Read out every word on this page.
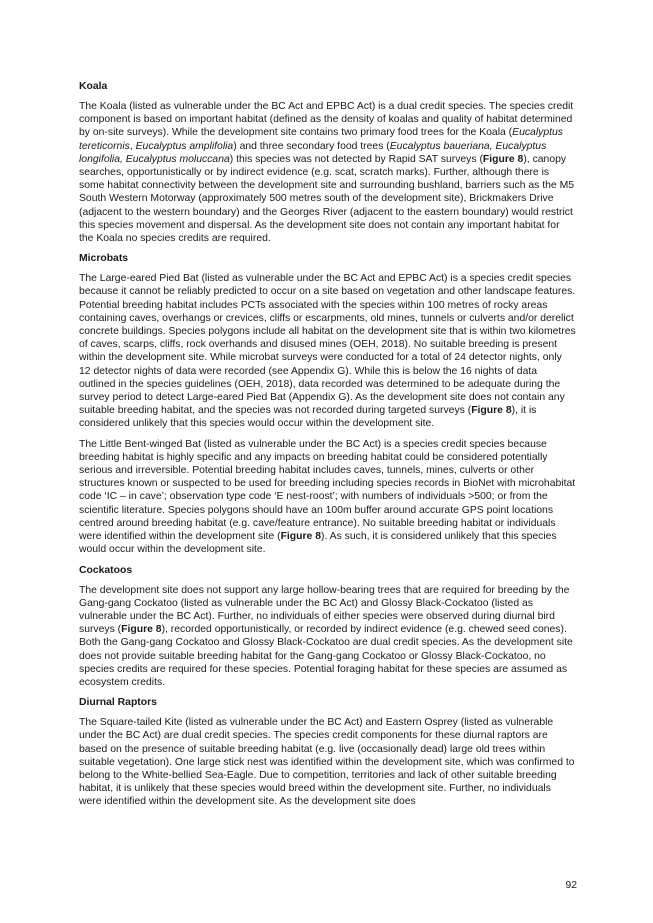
Koala

The Koala (listed as vulnerable under the BC Act and EPBC Act) is a dual credit species. The species credit component is based on important habitat (defined as the density of koalas and quality of habitat determined by on-site surveys). While the development site contains two primary food trees for the Koala (Eucalyptus tereticornis, Eucalyptus amplifolia) and three secondary food trees (Eucalyptus baueriana, Eucalyptus longifolia, Eucalyptus moluccana) this species was not detected by Rapid SAT surveys (Figure 8), canopy searches, opportunistically or by indirect evidence (e.g. scat, scratch marks). Further, although there is some habitat connectivity between the development site and surrounding bushland, barriers such as the M5 South Western Motorway (approximately 500 metres south of the development site), Brickmakers Drive (adjacent to the western boundary) and the Georges River (adjacent to the eastern boundary) would restrict this species movement and dispersal. As the development site does not contain any important habitat for the Koala no species credits are required.

Microbats

The Large-eared Pied Bat (listed as vulnerable under the BC Act and EPBC Act) is a species credit species because it cannot be reliably predicted to occur on a site based on vegetation and other landscape features. Potential breeding habitat includes PCTs associated with the species within 100 metres of rocky areas containing caves, overhangs or crevices, cliffs or escarpments, old mines, tunnels or culverts and/or derelict concrete buildings. Species polygons include all habitat on the development site that is within two kilometres of caves, scarps, cliffs, rock overhands and disused mines (OEH, 2018). No suitable breeding is present within the development site. While microbat surveys were conducted for a total of 24 detector nights, only 12 detector nights of data were recorded (see Appendix G). While this is below the 16 nights of data outlined in the species guidelines (OEH, 2018), data recorded was determined to be adequate during the survey period to detect Large-eared Pied Bat (Appendix G). As the development site does not contain any suitable breeding habitat, and the species was not recorded during targeted surveys (Figure 8), it is considered unlikely that this species would occur within the development site.

The Little Bent-winged Bat (listed as vulnerable under the BC Act) is a species credit species because breeding habitat is highly specific and any impacts on breeding habitat could be considered potentially serious and irreversible. Potential breeding habitat includes caves, tunnels, mines, culverts or other structures known or suspected to be used for breeding including species records in BioNet with microhabitat code ‘IC – in cave’; observation type code ‘E nest-roost’; with numbers of individuals >500; or from the scientific literature. Species polygons should have an 100m buffer around accurate GPS point locations centred around breeding habitat (e.g. cave/feature entrance). No suitable breeding habitat or individuals were identified within the development site (Figure 8). As such, it is considered unlikely that this species would occur within the development site.

Cockatoos

The development site does not support any large hollow-bearing trees that are required for breeding by the Gang-gang Cockatoo (listed as vulnerable under the BC Act) and Glossy Black-Cockatoo (listed as vulnerable under the BC Act). Further, no individuals of either species were observed during diurnal bird surveys (Figure 8), recorded opportunistically, or recorded by indirect evidence (e.g. chewed seed cones). Both the Gang-gang Cockatoo and Glossy Black-Cockatoo are dual credit species. As the development site does not provide suitable breeding habitat for the Gang-gang Cockatoo or Glossy Black-Cockatoo, no species credits are required for these species. Potential foraging habitat for these species are assumed as ecosystem credits.

Diurnal Raptors

The Square-tailed Kite (listed as vulnerable under the BC Act) and Eastern Osprey (listed as vulnerable under the BC Act) are dual credit species. The species credit components for these diurnal raptors are based on the presence of suitable breeding habitat (e.g. live (occasionally dead) large old trees within suitable vegetation). One large stick nest was identified within the development site, which was confirmed to belong to the White-bellied Sea-Eagle. Due to competition, territories and lack of other suitable breeding habitat, it is unlikely that these species would breed within the development site. Further, no individuals were identified within the development site. As the development site does

92
